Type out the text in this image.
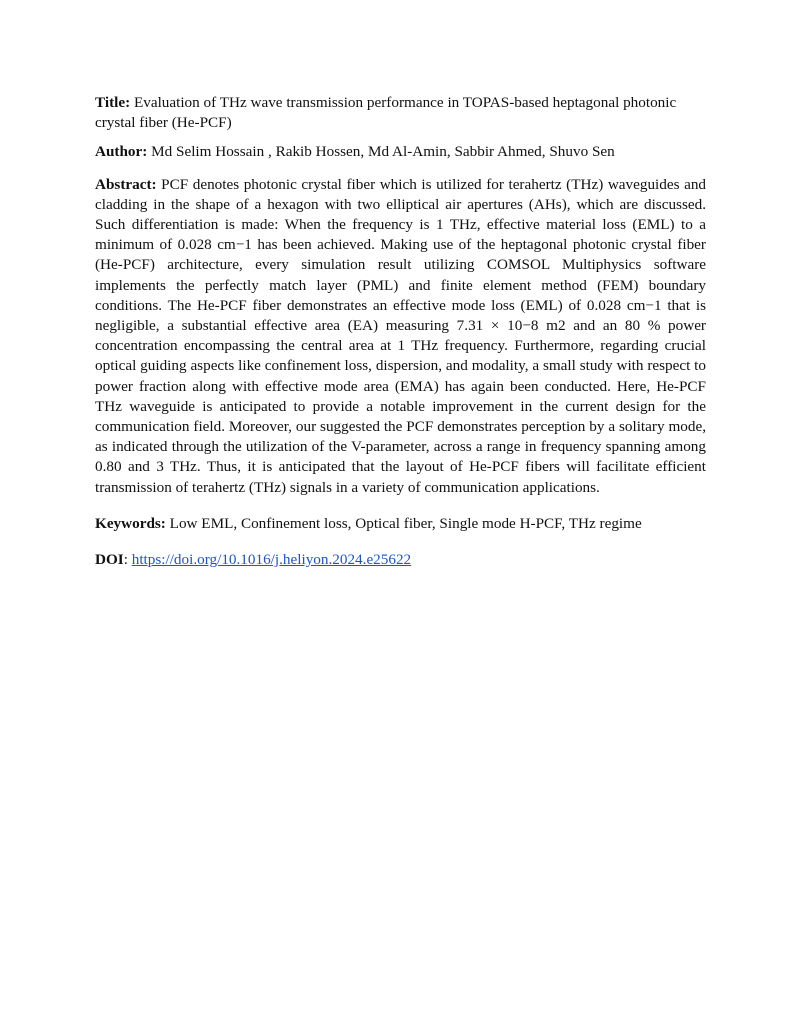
Title: Evaluation of THz wave transmission performance in TOPAS-based heptagonal photonic crystal fiber (He-PCF)

Author: Md Selim Hossain , Rakib Hossen, Md Al-Amin, Sabbir Ahmed, Shuvo Sen

Abstract: PCF denotes photonic crystal fiber which is utilized for terahertz (THz) waveguides and cladding in the shape of a hexagon with two elliptical air apertures (AHs), which are discussed. Such differentiation is made: When the frequency is 1 THz, effective material loss (EML) to a minimum of 0.028 cm−1 has been achieved. Making use of the heptagonal photonic crystal fiber (He-PCF) architecture, every simulation result utilizing COMSOL Multiphysics software implements the perfectly match layer (PML) and finite element method (FEM) boundary conditions. The He-PCF fiber demonstrates an effective mode loss (EML) of 0.028 cm−1 that is negligible, a substantial effective area (EA) measuring 7.31 × 10−8 m2 and an 80 % power concentration encompassing the central area at 1 THz frequency. Furthermore, regarding crucial optical guiding aspects like confinement loss, dispersion, and modality, a small study with respect to power fraction along with effective mode area (EMA) has again been conducted. Here, He-PCF THz waveguide is anticipated to provide a notable improvement in the current design for the communication field. Moreover, our suggested the PCF demonstrates perception by a solitary mode, as indicated through the utilization of the V-parameter, across a range in frequency spanning among 0.80 and 3 THz. Thus, it is anticipated that the layout of He-PCF fibers will facilitate efficient transmission of terahertz (THz) signals in a variety of communication applications.

Keywords: Low EML, Confinement loss, Optical fiber, Single mode H-PCF, THz regime

DOI: https://doi.org/10.1016/j.heliyon.2024.e25622
